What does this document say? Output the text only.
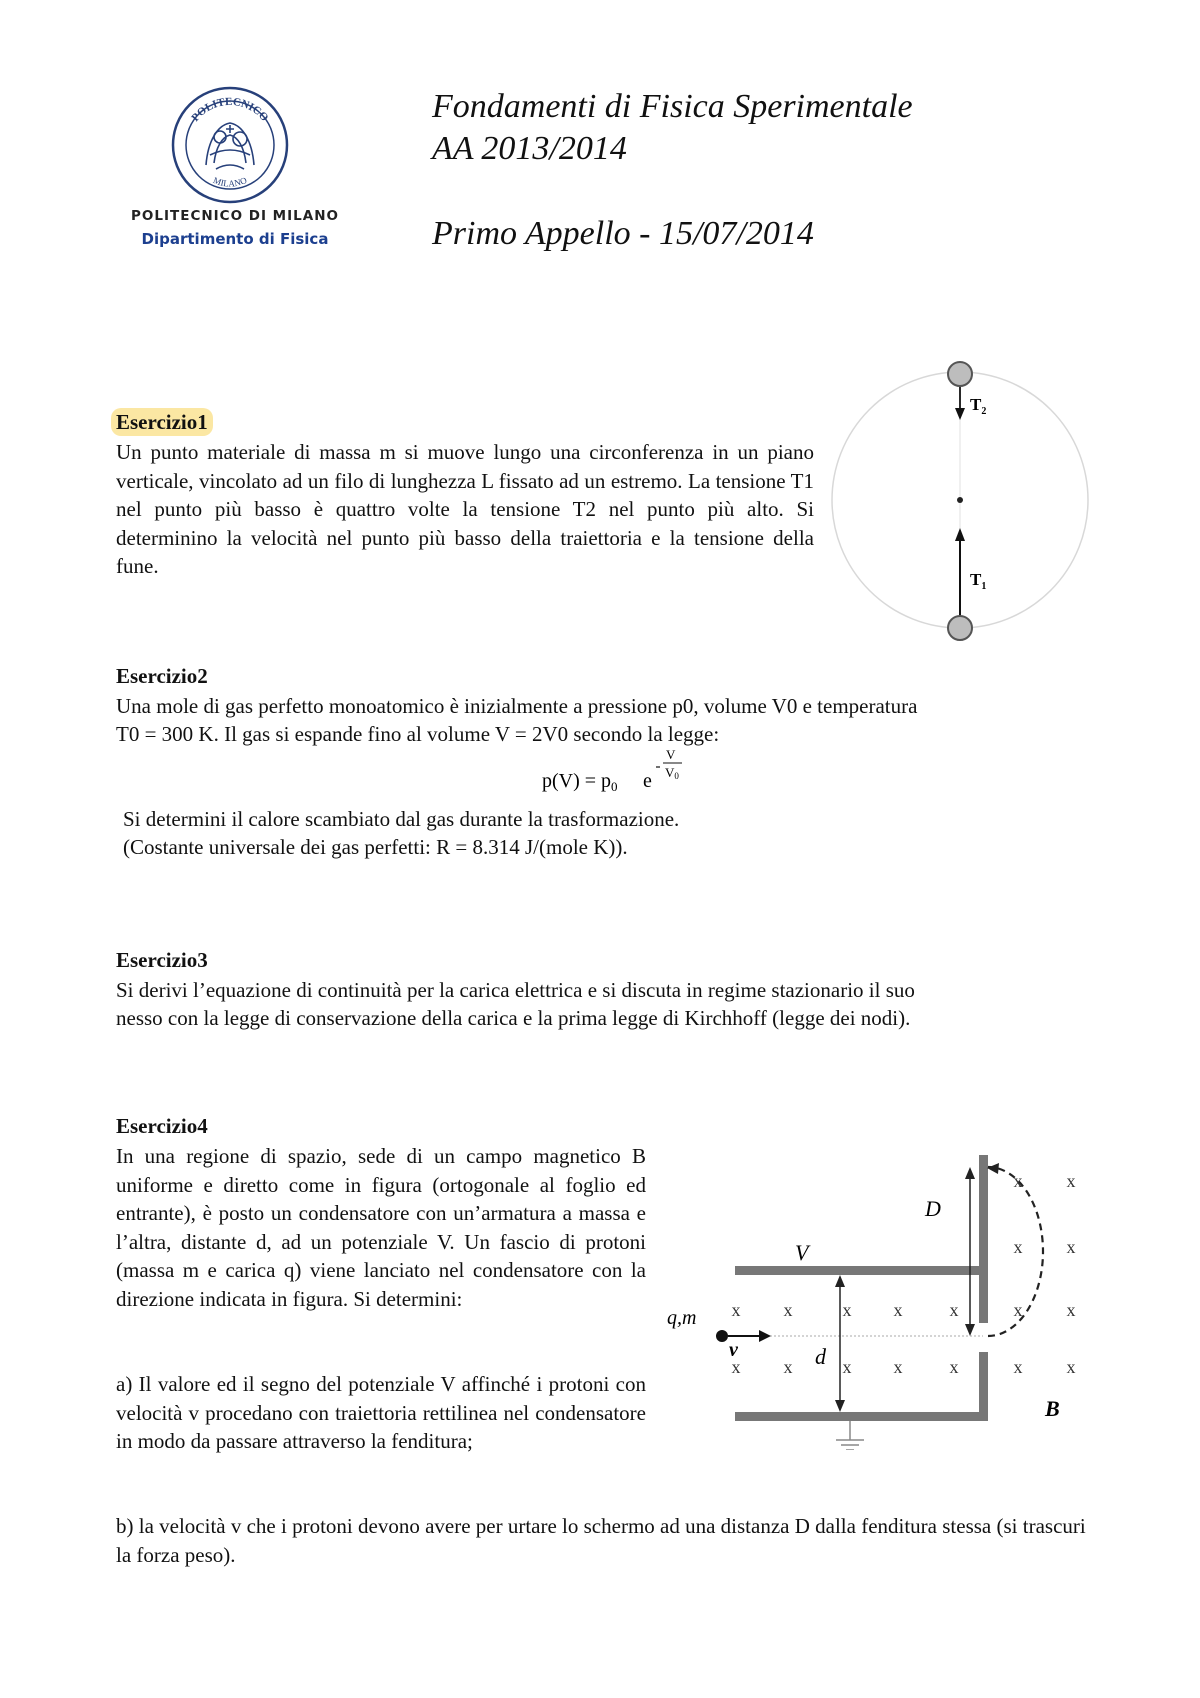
POLITECNICO
MILANO
POLITECNICO DI MILANO
Dipartimento di Fisica
Fondamenti di Fisica Sperimentale
AA 2013/2014
Primo Appello - 15/07/2014
Esercizio1
Un punto materiale di massa m si muove lungo una circonferenza in un piano verticale, vincolato ad un filo di lunghezza L fissato ad un estremo. La tensione T1 nel punto più basso è quattro volte la tensione T2 nel punto più alto. Si determinino la velocità nel punto più basso della traiettoria e la tensione della fune.
$T_2$
$T_1$
Esercizio2
Una mole di gas perfetto monoatomico è inizialmente a pressione p0, volume V0 e temperatura
T0 = 300 K. Il gas si espande fino al volume V = 2V0 secondo la legge:
$p(V) = p_0$ e
V
V0
Si determini il calore scambiato dal gas durante la trasformazione.
(Costante universale dei gas perfetti: R = 8.314 J/(mole K)).
Esercizio3
Si derivi l’equazione di continuità per la carica elettrica e si discuta in regime stazionario il suo
nesso con la legge di conservazione della carica e la prima legge di Kirchhoff (legge dei nodi).
Esercizio4
In una regione di spazio, sede di un campo magnetico B uniforme e diretto come in figura (ortogonale al foglio ed entrante), è posto un condensatore con un’armatura a massa e l’altra, distante d, ad un potenziale V. Un fascio di protoni (massa m e carica q) viene lanciato nel condensatore con la direzione indicata in figura. Si determini:
a) Il valore ed il segno del potenziale V affinché i protoni con velocità v procedano con traiettoria rettilinea nel condensatore in modo da passare attraverso la fenditura;
b) la velocità v che i protoni devono avere per urtare lo schermo ad una distanza D dalla fenditura stessa (si trascuri la forza peso).
V
D
q,m
v	d
B
x x
x x
x x	x x	x	x x
x x	x x	x	x x
